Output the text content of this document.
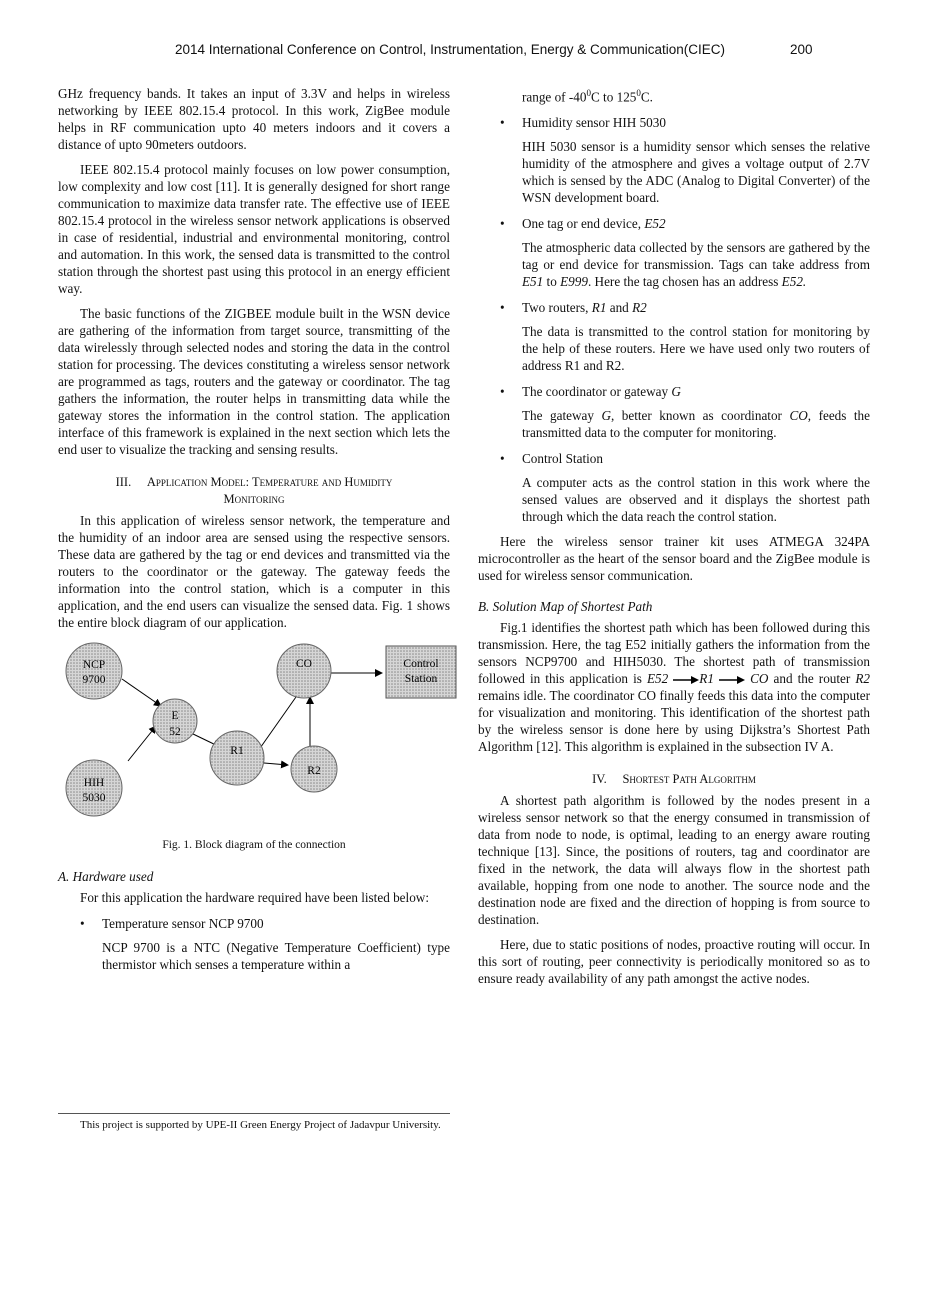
2014 International Conference on Control, Instrumentation, Energy & Communication(CIEC)	200

GHz frequency bands. It takes an input of 3.3V and helps in wireless networking by IEEE 802.15.4 protocol. In this work, ZigBee module helps in RF communication upto 40 meters indoors and it covers a distance of upto 90meters outdoors.

IEEE 802.15.4 protocol mainly focuses on low power consumption, low complexity and low cost [11]. It is generally designed for short range communication to maximize data transfer rate. The effective use of IEEE 802.15.4 protocol in the wireless sensor network applications is observed in case of residential, industrial and environmental monitoring, control and automation. In this work, the sensed data is transmitted to the control station through the shortest past using this protocol in an energy efficient way.

The basic functions of the ZIGBEE module built in the WSN device are gathering of the information from target source, transmitting of the data wirelessly through selected nodes and storing the data in the control station for processing. The devices constituting a wireless sensor network are programmed as tags, routers and the gateway or coordinator. The tag gathers the information, the router helps in transmitting data while the gateway stores the information in the control station. The application interface of this framework is explained in the next section which lets the end user to visualize the tracking and sensing results.

III. Application Model: Temperature and Humidity
Monitoring

In this application of wireless sensor network, the temperature and the humidity of an indoor area are sensed using the respective sensors. These data are gathered by the tag or end devices and transmitted via the routers to the coordinator or the gateway. The gateway feeds the information into the control station, which is a computer in this application, and the end users can visualize the sensed data. Fig. 1 shows the entire block diagram of our application.

NCP
9700
E
52
HIH
5030
R1
R2
CO	Control
Station
Fig. 1. Block diagram of the connection
A. Hardware used

For this application the hardware required have been listed below:

• Temperature sensor NCP 9700

NCP 9700 is a NTC (Negative Temperature Coefficient) type thermistor which senses a temperature within a

This project is supported by UPE-II Green Energy Project of Jadavpur University.

range of $-40^0C$ to $125^0C$.

• Humidity sensor HIH 5030

HIH 5030 sensor is a humidity sensor which senses the relative humidity of the atmosphere and gives a voltage output of 2.7V which is sensed by the ADC (Analog to Digital Converter) of the WSN development board.

• One tag or end device, E52

The atmospheric data collected by the sensors are gathered by the tag or end device for transmission. Tags can take address from E51 to E999. Here the tag chosen has an address E52.

• Two routers, R1 and R2

The data is transmitted to the control station for monitoring by the help of these routers. Here we have used only two routers of address R1 and R2.

• The coordinator or gateway G

The gateway G, better known as coordinator CO, feeds the transmitted data to the computer for monitoring.

• Control Station

A computer acts as the control station in this work where the sensed values are observed and it displays the shortest path through which the data reach the control station.

Here the wireless sensor trainer kit uses ATMEGA 324PA microcontroller as the heart of the sensor board and the ZigBee module is used for wireless sensor communication.

B. Solution Map of Shortest Path

Fig.1 identifies the shortest path which has been followed during this transmission. Here, the tag E52 initially gathers the information from the sensors NCP9700 and HIH5030. The shortest path of transmission followed in this application is E52 R1	CO and the router R2 remains idle. The coordinator CO finally feeds this data into the computer for visualization and monitoring. This identification of the shortest path by the wireless sensor is done here by using Dijkstra’s Shortest Path Algorithm [12]. This algorithm is explained in the subsection IV A.

IV. Shortest Path Algorithm

A shortest path algorithm is followed by the nodes present in a wireless sensor network so that the energy consumed in transmission of data from node to node, is optimal, leading to an energy aware routing technique [13]. Since, the positions of routers, tag and coordinator are fixed in the network, the data will always flow in the shortest path available, hopping from one node to another. The source node and the destination node are fixed and the direction of hopping is from source to destination.

Here, due to static positions of nodes, proactive routing will occur. In this sort of routing, peer connectivity is periodically monitored so as to ensure ready availability of any path amongst the active nodes.
